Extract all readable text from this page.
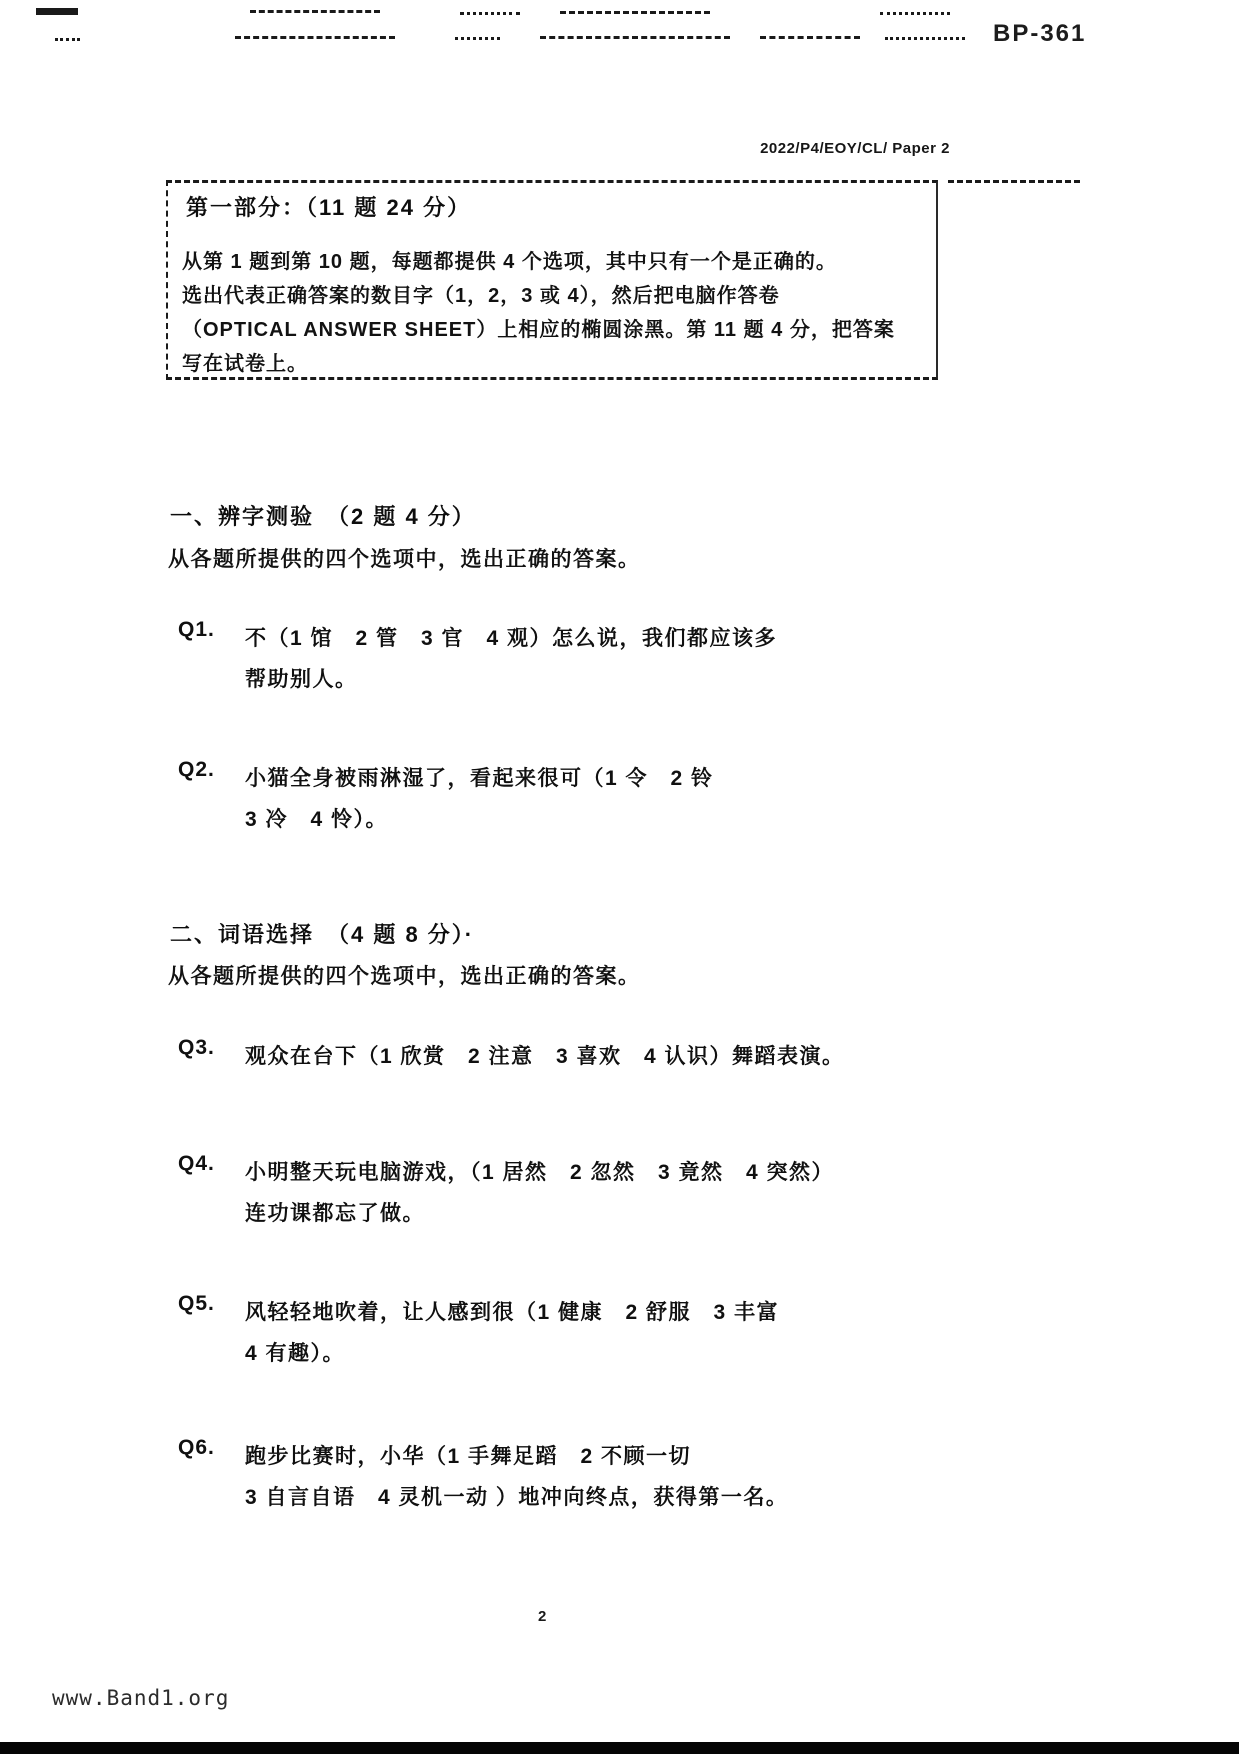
BP-361
2022/P4/EOY/CL/ Paper 2
第一部分：（11 题 24 分）
从第 1 题到第 10 题，每题都提供 4 个选项，其中只有一个是正确的。
选出代表正确答案的数目字（1，2，3 或 4），然后把电脑作答卷
（OPTICAL ANSWER SHEET）上相应的椭圆涂黑。第 11 题 4 分，把答案
写在试卷上。
一、辨字测验　（2 题 4 分）
从各题所提供的四个选项中，选出正确的答案。
Q1.	不（1 馆　2 管　3 官　4 观）怎么说，我们都应该多
帮助别人。
Q2.	小猫全身被雨淋湿了，看起来很可（1 令　2 铃
3 冷　4 怜）。
二、词语选择　（4 题 8 分）·
从各题所提供的四个选项中，选出正确的答案。
Q3.	观众在台下（1 欣赏　2 注意　3 喜欢　4 认识）舞蹈表演。
Q4.	小明整天玩电脑游戏，（1 居然　2 忽然　3 竟然　4 突然）
连功课都忘了做。
Q5.	风轻轻地吹着，让人感到很（1 健康　2 舒服　3 丰富
4 有趣）。
Q6.	跑步比赛时，小华（1 手舞足蹈　2 不顾一切
3 自言自语　4 灵机一动 ）地冲向终点，获得第一名。
2
www.Band1.org
